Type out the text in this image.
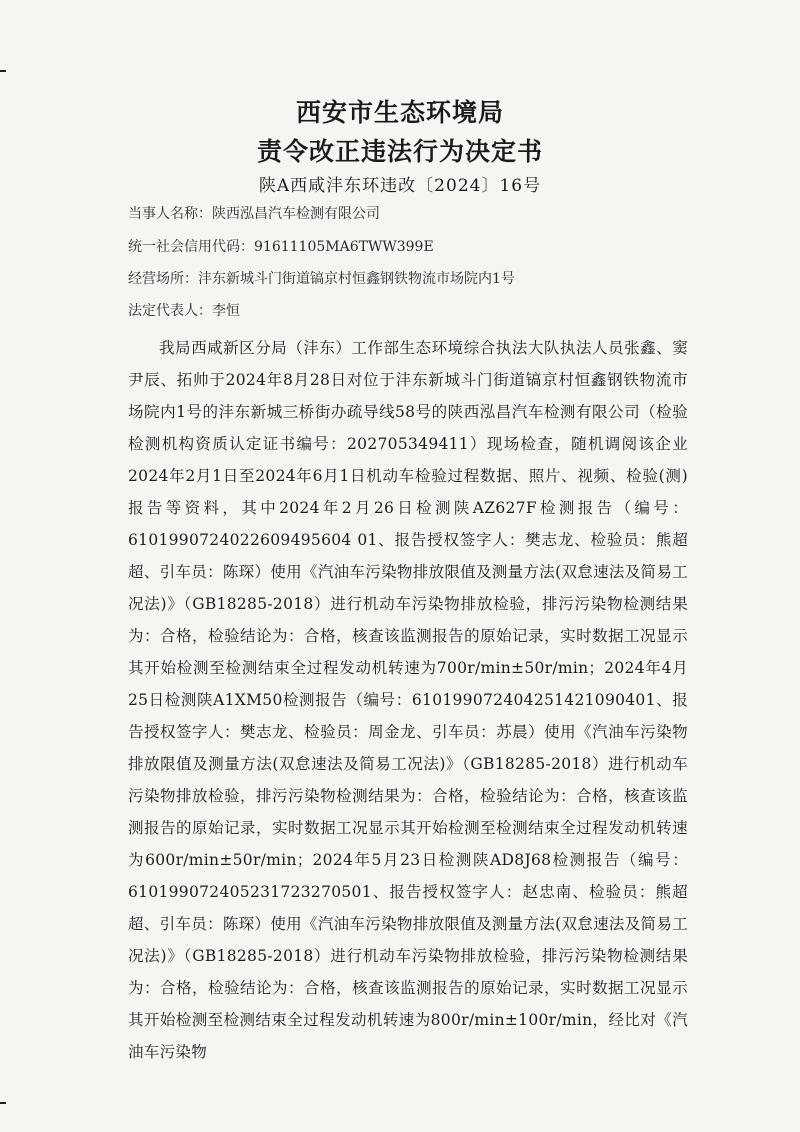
西安市生态环境局
责令改正违法行为决定书
陕A西咸沣东环违改〔2024〕16号
当事人名称：陕西泓昌汽车检测有限公司
统一社会信用代码：91611105MA6TWW399E
经营场所：沣东新城斗门街道镐京村恒鑫钢铁物流市场院内1号
法定代表人：李恒

我局西咸新区分局（沣东）工作部生态环境综合执法大队执法人员张鑫、窦尹辰、拓帅于2024年8月28日对位于沣东新城斗门街道镐京村恒鑫钢铁物流市场院内1号的沣东新城三桥街办疏导线58号的陕西泓昌汽车检测有限公司（检验检测机构资质认定证书编号：202705349411）现场检查，随机调阅该企业2024年2月1日至2024年6月1日机动车检验过程数据、照片、视频、检验(测)报告等资料，其中2024年2月26日检测陕AZ627F检测报告（编号：6101990724022609495604 01、报告授权签字人：樊志龙、检验员：熊超超、引车员：陈琛）使用《汽油车污染物排放限值及测量方法(双怠速法及简易工况法)》（GB18285-2018）进行机动车污染物排放检验，排污污染物检测结果为：合格，检验结论为：合格，核查该监测报告的原始记录，实时数据工况显示其开始检测至检测结束全过程发动机转速为700r/min±50r/min；2024年4月25日检测陕A1XM50检测报告（编号：610199072404251421090401、报告授权签字人：樊志龙、检验员：周金龙、引车员：苏晨）使用《汽油车污染物排放限值及测量方法(双怠速法及简易工况法)》（GB18285-2018）进行机动车污染物排放检验，排污污染物检测结果为：合格，检验结论为：合格，核查该监测报告的原始记录，实时数据工况显示其开始检测至检测结束全过程发动机转速为600r/min±50r/min；2024年5月23日检测陕AD8J68检测报告（编号：610199072405231723270501、报告授权签字人：赵忠南、检验员：熊超超、引车员：陈琛）使用《汽油车污染物排放限值及测量方法(双怠速法及简易工况法)》（GB18285-2018）进行机动车污染物排放检验，排污污染物检测结果为：合格，检验结论为：合格，核查该监测报告的原始记录，实时数据工况显示其开始检测至检测结束全过程发动机转速为800r/min±100r/min，经比对《汽油车污染物
